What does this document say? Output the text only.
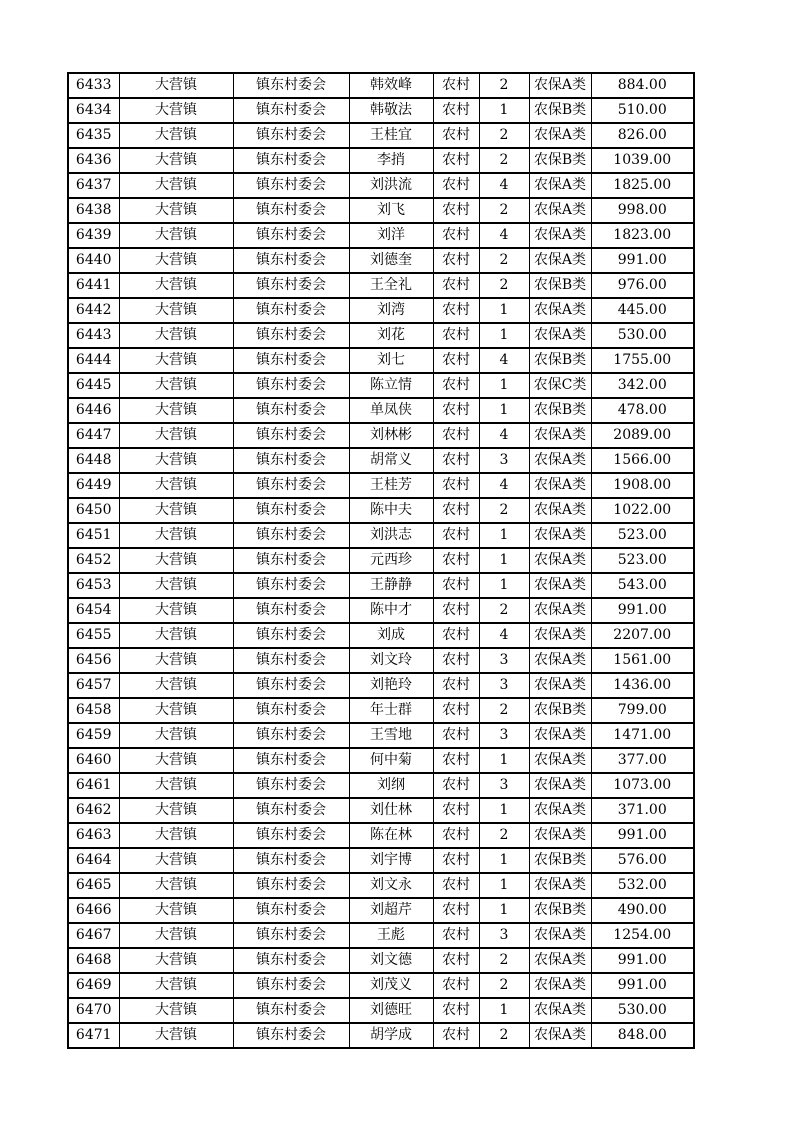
6433	大营镇	镇东村委会	韩效峰	农村	2	农保A类	884.00
6434	大营镇	镇东村委会	韩敬法	农村	1	农保B类	510.00
6435	大营镇	镇东村委会	王桂宜	农村	2	农保A类	826.00
6436	大营镇	镇东村委会	李捎	农村	2	农保B类	1039.00
6437	大营镇	镇东村委会	刘洪流	农村	4	农保A类	1825.00
6438	大营镇	镇东村委会	刘飞	农村	2	农保A类	998.00
6439	大营镇	镇东村委会	刘洋	农村	4	农保A类	1823.00
6440	大营镇	镇东村委会	刘德奎	农村	2	农保A类	991.00
6441	大营镇	镇东村委会	王全礼	农村	2	农保B类	976.00
6442	大营镇	镇东村委会	刘湾	农村	1	农保A类	445.00
6443	大营镇	镇东村委会	刘花	农村	1	农保A类	530.00
6444	大营镇	镇东村委会	刘七	农村	4	农保B类	1755.00
6445	大营镇	镇东村委会	陈立情	农村	1	农保C类	342.00
6446	大营镇	镇东村委会	单凤侠	农村	1	农保B类	478.00
6447	大营镇	镇东村委会	刘林彬	农村	4	农保A类	2089.00
6448	大营镇	镇东村委会	胡常义	农村	3	农保A类	1566.00
6449	大营镇	镇东村委会	王桂芳	农村	4	农保A类	1908.00
6450	大营镇	镇东村委会	陈中夫	农村	2	农保A类	1022.00
6451	大营镇	镇东村委会	刘洪志	农村	1	农保A类	523.00
6452	大营镇	镇东村委会	元西珍	农村	1	农保A类	523.00
6453	大营镇	镇东村委会	王静静	农村	1	农保A类	543.00
6454	大营镇	镇东村委会	陈中才	农村	2	农保A类	991.00
6455	大营镇	镇东村委会	刘成	农村	4	农保A类	2207.00
6456	大营镇	镇东村委会	刘文玲	农村	3	农保A类	1561.00
6457	大营镇	镇东村委会	刘艳玲	农村	3	农保A类	1436.00
6458	大营镇	镇东村委会	年士群	农村	2	农保B类	799.00
6459	大营镇	镇东村委会	王雪地	农村	3	农保A类	1471.00
6460	大营镇	镇东村委会	何中菊	农村	1	农保A类	377.00
6461	大营镇	镇东村委会	刘纲	农村	3	农保A类	1073.00
6462	大营镇	镇东村委会	刘仕林	农村	1	农保A类	371.00
6463	大营镇	镇东村委会	陈在林	农村	2	农保A类	991.00
6464	大营镇	镇东村委会	刘宇博	农村	1	农保B类	576.00
6465	大营镇	镇东村委会	刘文永	农村	1	农保A类	532.00
6466	大营镇	镇东村委会	刘超芹	农村	1	农保B类	490.00
6467	大营镇	镇东村委会	王彪	农村	3	农保A类	1254.00
6468	大营镇	镇东村委会	刘文德	农村	2	农保A类	991.00
6469	大营镇	镇东村委会	刘茂义	农村	2	农保A类	991.00
6470	大营镇	镇东村委会	刘德旺	农村	1	农保A类	530.00
6471	大营镇	镇东村委会	胡学成	农村	2	农保A类	848.00
